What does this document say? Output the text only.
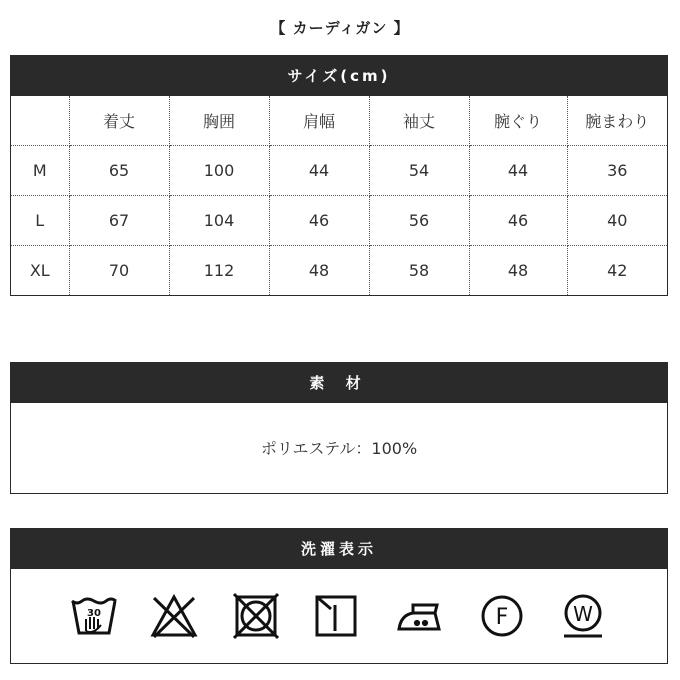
【 カーディガン 】
サイズ(cm)
	着丈	胸囲	肩幅	袖丈	腕ぐり	腕まわり
M	65	100	44	54	44	36
L	67	104	46	56	46	40
XL	70	112	48	58	48	42
素 材
ポリエステル：100%
洗濯表示
30	F	W
